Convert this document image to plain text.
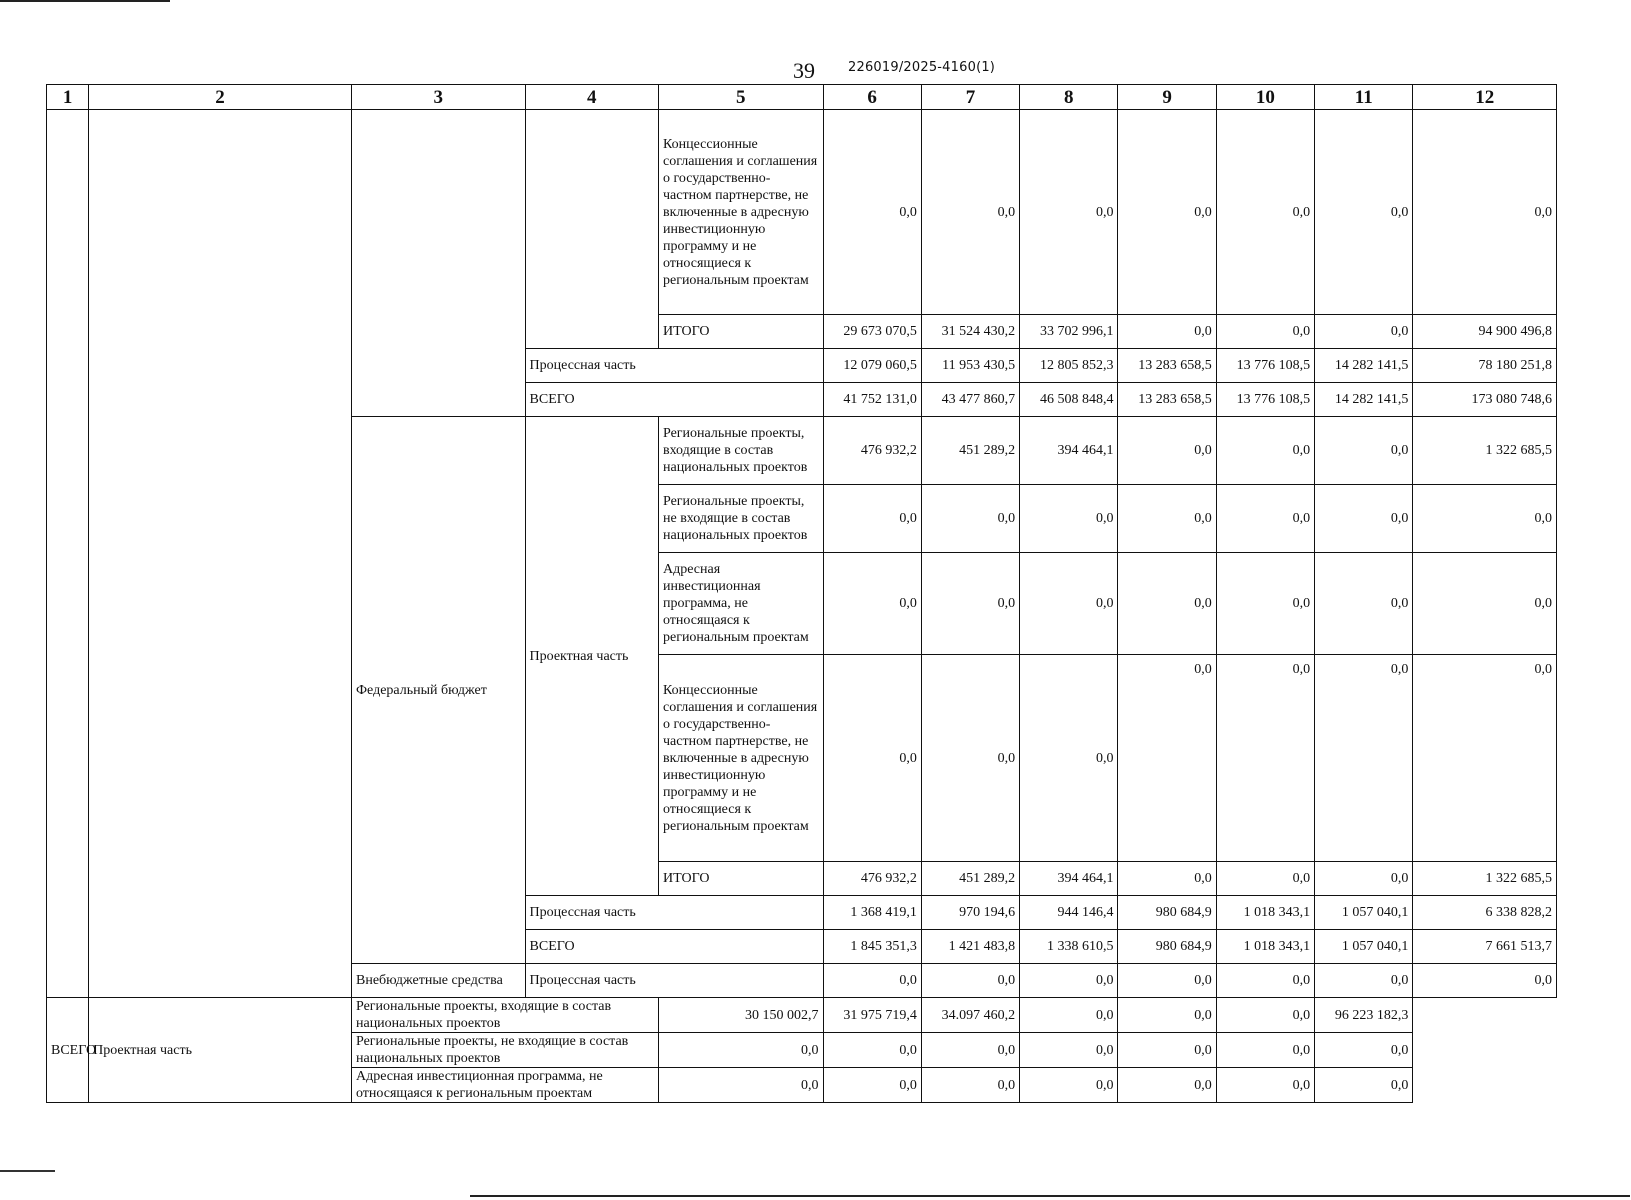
39	226019/2025-4160(1)
1	2	3	4	5	6	7	8	9	10	11	12
				Концессионные соглашения и соглашения о государственно-частном партнерстве, не включенные в адресную инвестиционную программу и не относящиеся к региональным проектам	0,0	0,0	0,0	0,0	0,0	0,0	0,0
				ИТОГО	29 673 070,5	31 524 430,2	33 702 996,1	0,0	0,0	0,0	94 900 496,8
			Процессная часть		12 079 060,5	11 953 430,5	12 805 852,3	13 283 658,5	13 776 108,5	14 282 141,5	78 180 251,8
			ВСЕГО		41 752 131,0	43 477 860,7	46 508 848,4	13 283 658,5	13 776 108,5	14 282 141,5	173 080 748,6
		Федеральный бюджет	Проектная часть	Региональные проекты, входящие в состав национальных проектов	476 932,2	451 289,2	394 464,1	0,0	0,0	0,0	1 322 685,5
				Региональные проекты, не входящие в состав национальных проектов	0,0	0,0	0,0	0,0	0,0	0,0	0,0
				Адресная инвестиционная программа, не относящаяся к региональным проектам	0,0	0,0	0,0	0,0	0,0	0,0	0,0
				Концессионные соглашения и соглашения о государственно-частном партнерстве, не включенные в адресную инвестиционную программу и не относящиеся к региональным проектам	0,0	0,0	0,0	0,0	0,0	0,0	0,0
				ИТОГО	476 932,2	451 289,2	394 464,1	0,0	0,0	0,0	1 322 685,5
			Процессная часть		1 368 419,1	970 194,6	944 146,4	980 684,9	1 018 343,1	1 057 040,1	6 338 828,2
			ВСЕГО		1 845 351,3	1 421 483,8	1 338 610,5	980 684,9	1 018 343,1	1 057 040,1	7 661 513,7
		Внебюджетные средства	Процессная часть		0,0	0,0	0,0	0,0	0,0	0,0	0,0
ВСЕГО	Проектная часть	Региональные проекты, входящие в состав национальных проектов		30 150 002,7	31 975 719,4	34.097 460,2	0,0	0,0	0,0	96 223 182,3	
		Региональные проекты, не входящие в состав национальных проектов		0,0	0,0	0,0	0,0	0,0	0,0	0,0	
		Адресная инвестиционная программа, не относящаяся к региональным проектам		0,0	0,0	0,0	0,0	0,0	0,0	0,0	
